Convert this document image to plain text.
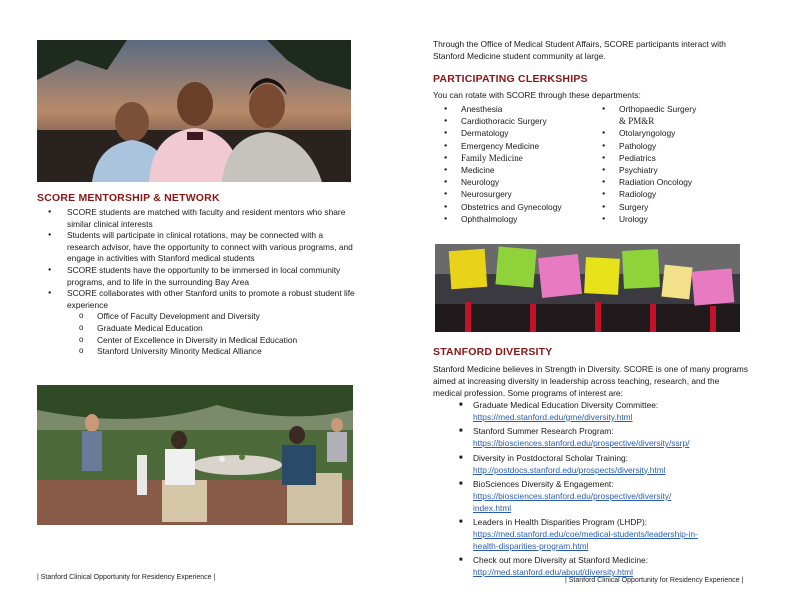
SCORE MENTORSHIP & NETWORK
● SCORE students are matched with faculty and resident mentors who share similar clinical interests
● Students will participate in clinical rotations, may be connected with a research advisor, have the opportunity to connect with various programs, and engage in activities with Stanford medical students
● SCORE students have the opportunity to be immersed in local community programs, and to life in the surrounding Bay Area
● SCORE collaborates with other Stanford units to promote a robust student life experience
o Office of Faculty Development and Diversity
o Graduate Medical Education
o Center of Excellence in Diversity in Medical Education
o Stanford University Minority Medical Alliance

| Stanford Clinical Opportunity for Residency Experience |

Through the Office of Medical Student Affairs, SCORE participants interact with Stanford Medicine student community at large.

PARTICIPATING CLERKSHIPS

You can rotate with SCORE through these departments:

● Anesthesia
● Cardiothoracic Surgery
● Dermatology
● Emergency Medicine
● Family Medicine
● Medicine
● Neurology
● Neurosurgery
● Obstetrics and Gynecology
● Ophthalmology
● Orthopaedic Surgery
& PM&R
● Otolaryngology
● Pathology
● Pediatrics
● Psychiatry
● Radiation Oncology
● Radiology
● Surgery
● Urology
STANFORD DIVERSITY

Stanford Medicine believes in Strength in Diversity. SCORE is one of many programs aimed at increasing diversity in leadership across teaching, research, and the medical profession. Some programs of interest are:

■ Graduate Medical Education Diversity Committee:
https://med.stanford.edu/gme/diversity.html
■ Stanford Summer Research Program:
https://biosciences.stanford.edu/prospective/diversity/ssrp/
■ Diversity in Postdoctoral Scholar Training:
http://postdocs.stanford.edu/prospects/diversity.html
■ BioSciences Diversity & Engagement:
https://biosciences.stanford.edu/prospective/diversity/
index.html
■ Leaders in Health Disparities Program (LHDP):
https://med.stanford.edu/coe/medical-students/leadership-in-
health-disparities-program.html
■ Check out more Diversity at Stanford Medicine:
http://med.stanford.edu/about/diversity.html

| Stanford Clinical Opportunity for Residency Experience |
